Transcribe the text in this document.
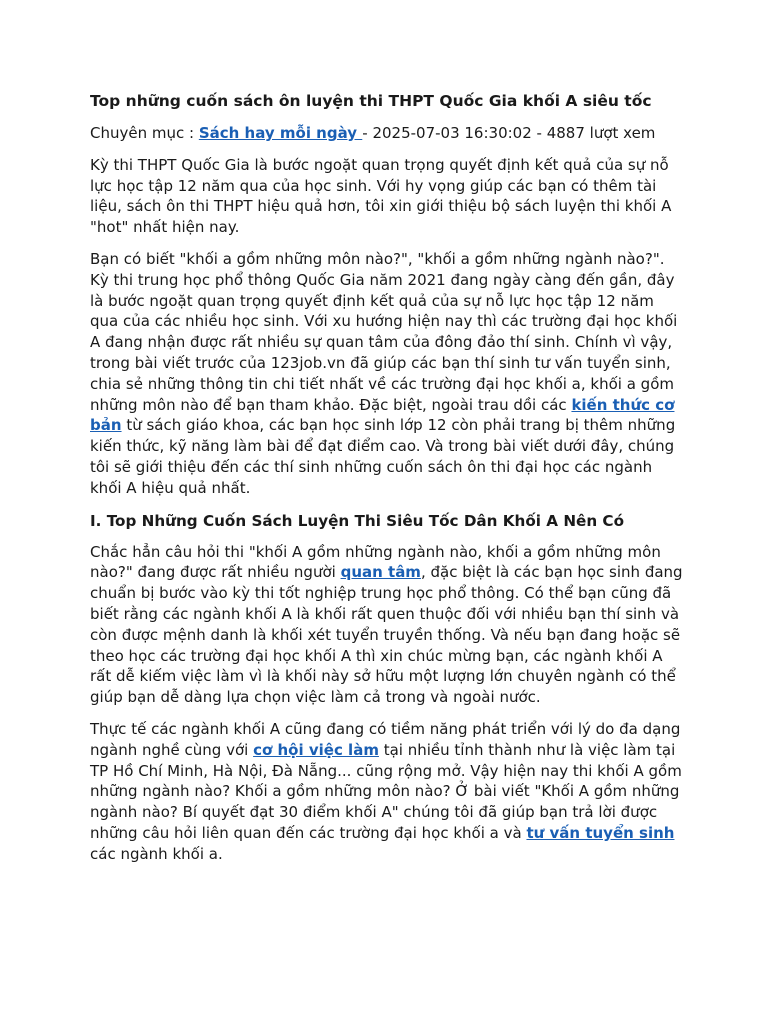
Top những cuốn sách ôn luyện thi THPT Quốc Gia khối A siêu tốc
Chuyên mục : Sách hay mỗi ngày - 2025-07-03 16:30:02 - 4887 lượt xem

Kỳ thi THPT Quốc Gia là bước ngoặt quan trọng quyết định kết quả của sự nỗ lực học tập 12 năm qua của học sinh. Với hy vọng giúp các bạn có thêm tài liệu, sách ôn thi THPT hiệu quả hơn, tôi xin giới thiệu bộ sách luyện thi khối A "hot" nhất hiện nay.

Bạn có biết "khối a gồm những môn nào?", "khối a gồm những ngành nào?". Kỳ thi trung học phổ thông Quốc Gia năm 2021 đang ngày càng đến gần, đây là bước ngoặt quan trọng quyết định kết quả của sự nỗ lực học tập 12 năm qua của các nhiều học sinh. Với xu hướng hiện nay thì các trường đại học khối A đang nhận được rất nhiều sự quan tâm của đông đảo thí sinh. Chính vì vậy, trong bài viết trước của 123job.vn đã giúp các bạn thí sinh tư vấn tuyển sinh, chia sẻ những thông tin chi tiết nhất về các trường đại học khối a, khối a gồm những môn nào để bạn tham khảo. Đặc biệt, ngoài trau dồi các kiến thức cơ bản từ sách giáo khoa, các bạn học sinh lớp 12 còn phải trang bị thêm những kiến thức, kỹ năng làm bài để đạt điểm cao. Và trong bài viết dưới đây, chúng tôi sẽ giới thiệu đến các thí sinh những cuốn sách ôn thi đại học các ngành khối A hiệu quả nhất.

I. Top Những Cuốn Sách Luyện Thi Siêu Tốc Dân Khối A Nên Có

Chắc hẳn câu hỏi thi "khối A gồm những ngành nào, khối a gồm những môn nào?" đang được rất nhiều người quan tâm, đặc biệt là các bạn học sinh đang chuẩn bị bước vào kỳ thi tốt nghiệp trung học phổ thông. Có thể bạn cũng đã biết rằng các ngành khối A là khối rất quen thuộc đối với nhiều bạn thí sinh và còn được mệnh danh là khối xét tuyển truyền thống. Và nếu bạn đang hoặc sẽ theo học các trường đại học khối A thì xin chúc mừng bạn, các ngành khối A rất dễ kiếm việc làm vì là khối này sở hữu một lượng lớn chuyên ngành có thể giúp bạn dễ dàng lựa chọn việc làm cả trong và ngoài nước.

Thực tế các ngành khối A cũng đang có tiềm năng phát triển với lý do đa dạng ngành nghề cùng với cơ hội việc làm tại nhiều tỉnh thành như là việc làm tại TP Hồ Chí Minh, Hà Nội, Đà Nẵng... cũng rộng mở. Vậy hiện nay thi khối A gồm những ngành nào? Khối a gồm những môn nào? Ở bài viết "Khối A gồm những ngành nào? Bí quyết đạt 30 điểm khối A" chúng tôi đã giúp bạn trả lời được những câu hỏi liên quan đến các trường đại học khối a và tư vấn tuyển sinh các ngành khối a.
